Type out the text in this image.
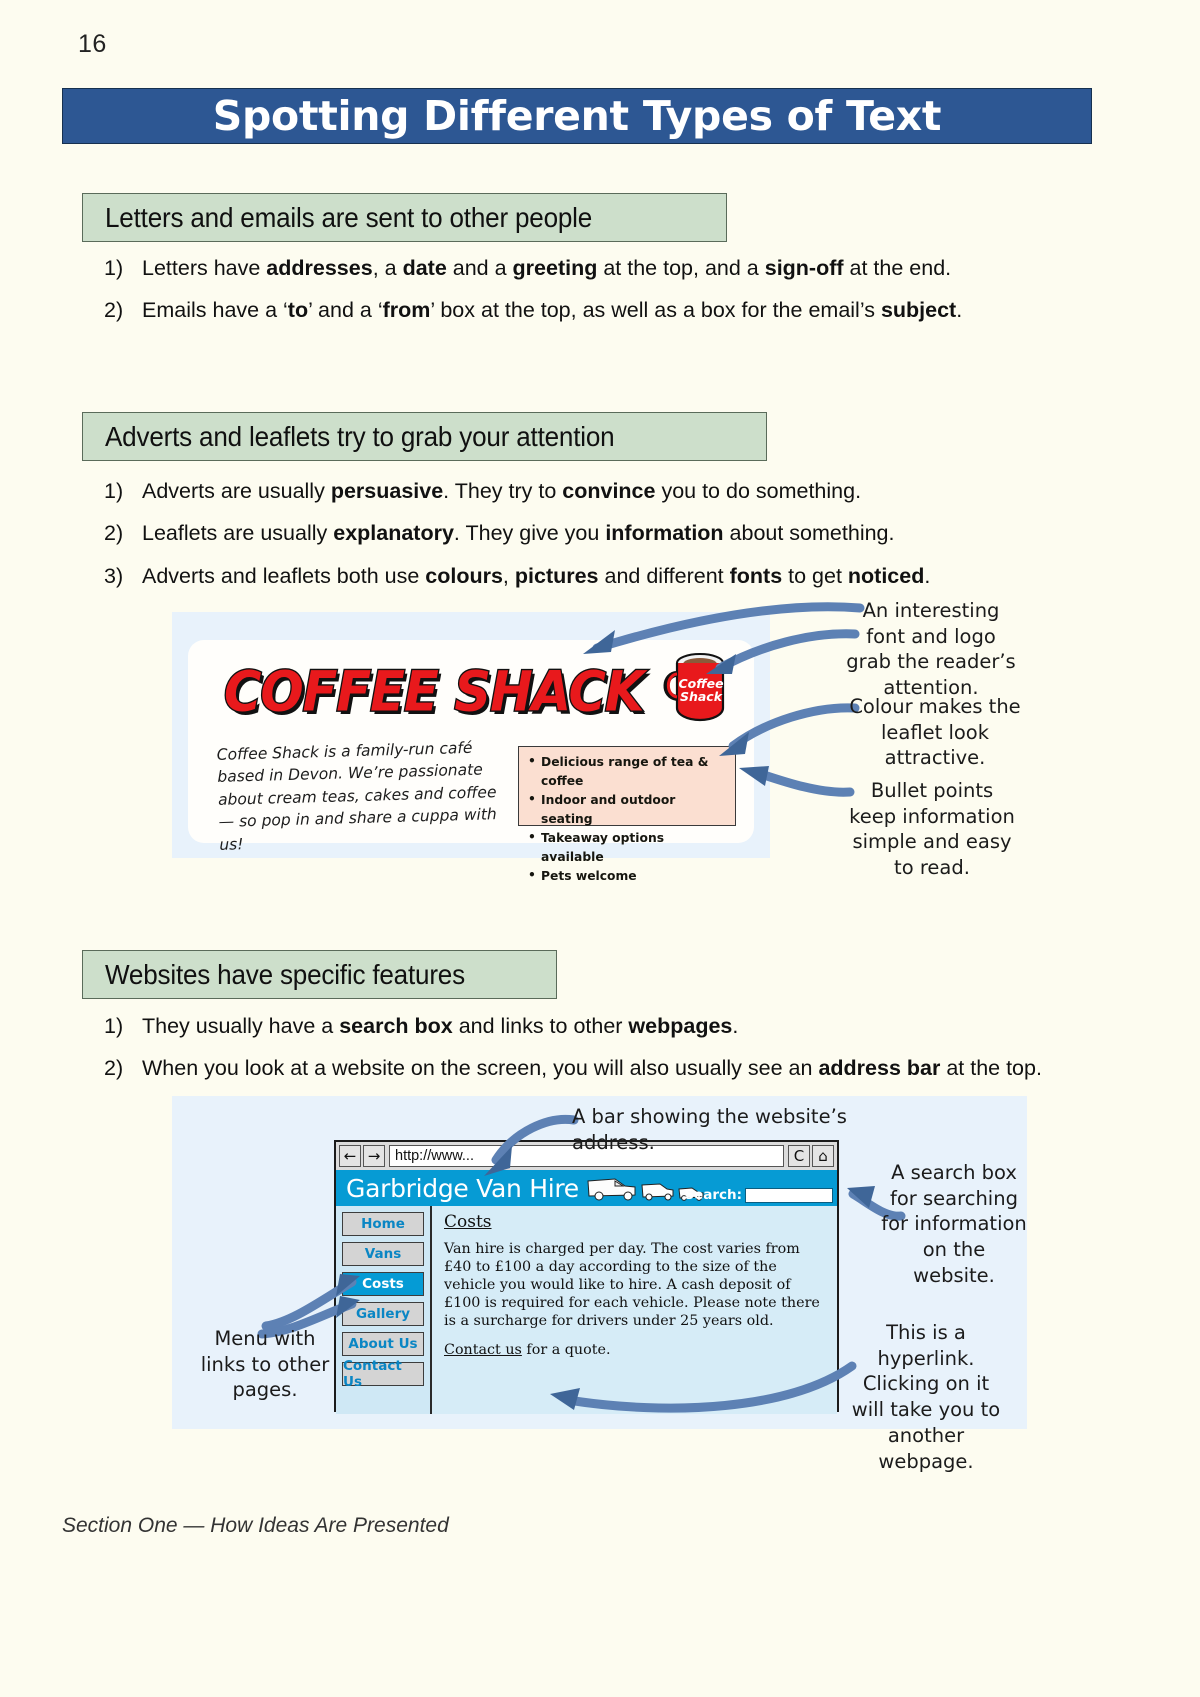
16
Spotting Different Types of Text
Letters and emails are sent to other people
1) Letters have addresses, a date and a greeting at the top, and a sign-off at the end.
2) Emails have a ‘to’ and a ‘from’ box at the top, as well as a box for the email’s subject.
Adverts and leaflets try to grab your attention
1) Adverts are usually persuasive. They try to convince you to do something.
2) Leaflets are usually explanatory. They give you information about something.
3) Adverts and leaflets both use colours, pictures and different fonts to get noticed.
COFFEE SHACK	Coffee
Shack
Coffee Shack is a family-run café based in Devon. We’re passionate about cream teas, cakes and coffee — so pop in and share a cuppa with us!
• Delicious range of tea & coffee
• Indoor and outdoor seating
• Takeaway options available
• Pets welcome
An interesting font and logo grab the reader’s attention.
Colour makes the leaflet look attractive.
Bullet points keep information simple and easy to read.
Websites have specific features
1) They usually have a search box and links to other webpages.
2) When you look at a website on the screen, you will also usually see an address bar at the top.
← →	http://www...	C ⌂
Garbridge Van Hire	Search:
Home
Vans
Costs
Gallery
About Us
Contact Us
Costs
Van hire is charged per day. The cost varies from £40 to £100 a day according to the size of the vehicle you would like to hire. A cash deposit of £100 is required for each vehicle. Please note there is a surcharge for drivers under 25 years old.
Contact us for a quote.
A bar showing the website’s address.
A search box for searching for information on the website.
Menu with links to other pages.
This is a hyperlink. Clicking on it will take you to another webpage.
Section One — How Ideas Are Presented
